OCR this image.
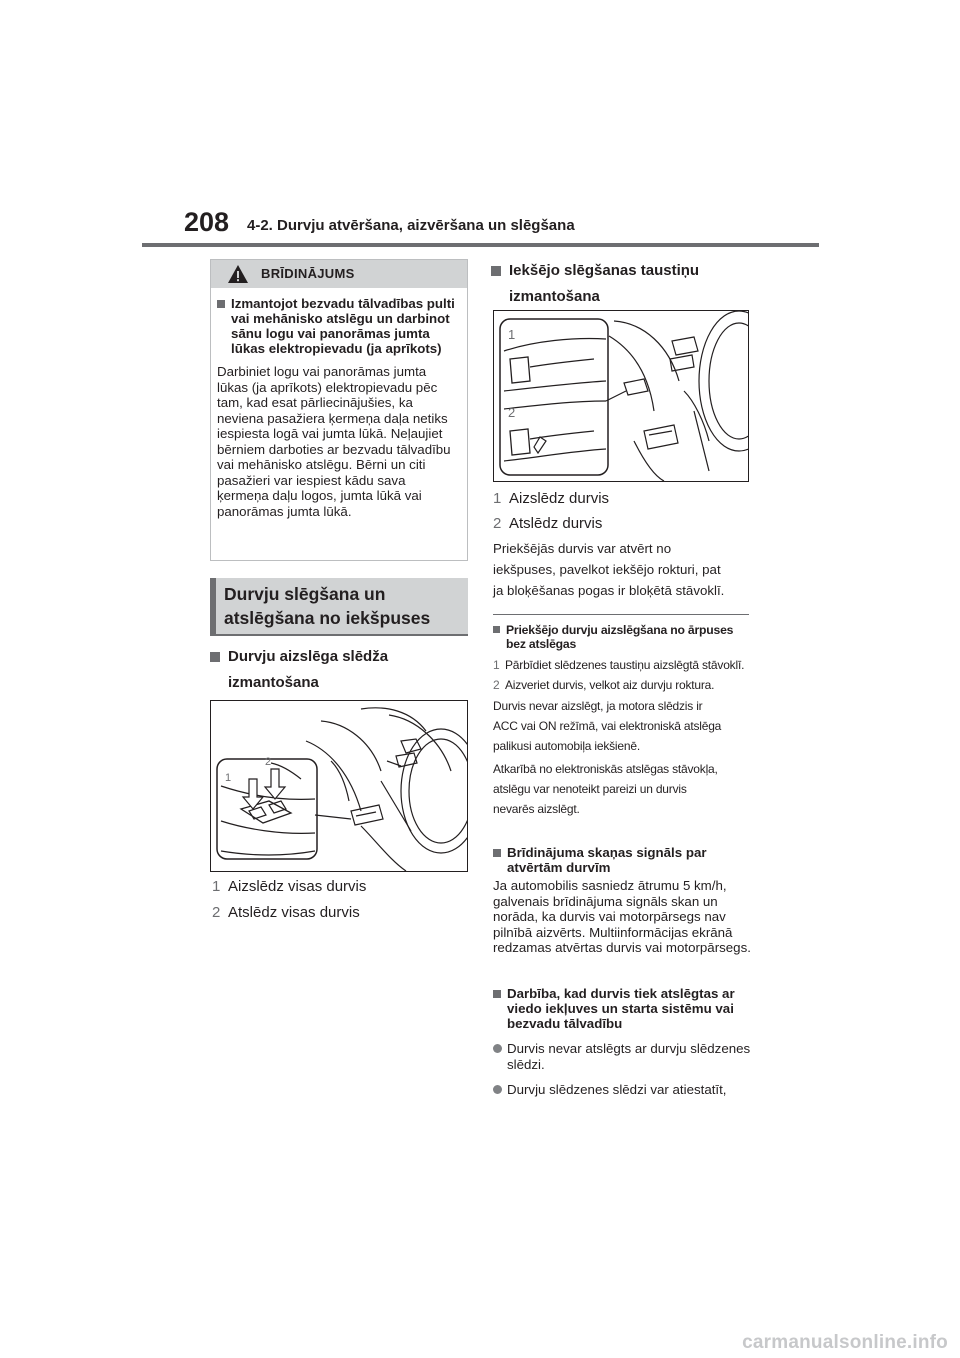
208 4-2. Durvju atvēršana, aizvēršana un slēgšana
BRĪDINĀJUMS
Izmantojot bezvadu tālvadības pulti vai mehānisko atslēgu un darbinot sānu logu vai panorāmas jumta lūkas elektropievadu (ja aprīkots)
Darbiniet logu vai panorāmas jumta lūkas (ja aprīkots) elektropievadu pēc tam, kad esat pārliecinājušies, ka neviena pasažiera ķermeņa daļa netiks iespiesta logā vai jumta lūkā. Neļaujiet bērniem darboties ar bezvadu tālvadību vai mehānisko atslēgu. Bērni un citi pasažieri var iespiest kādu sava ķermeņa daļu logos, jumta lūkā vai panorāmas jumta lūkā.
Durvju slēgšana un
atslēgšana no iekšpuses
Durvju aizslēga slēdža
izmantošana
1
2
1 Aizslēdz visas durvis
2 Atslēdz visas durvis
Iekšējo slēgšanas taustiņu
izmantošana
1
2
1 Aizslēdz durvis
2 Atslēdz durvis
Priekšējās durvis var atvērt no
iekšpuses, pavelkot iekšējo rokturi, pat
ja bloķēšanas pogas ir bloķētā stāvoklī.
Priekšējo durvju aizslēgšana no ārpuses bez atslēgas
1 Pārbīdiet slēdzenes taustiņu aizslēgtā stāvoklī.
2 Aizveriet durvis, velkot aiz durvju roktura.
Durvis nevar aizslēgt, ja motora slēdzis ir
ACC vai ON režīmā, vai elektroniskā atslēga
palikusi automobiļa iekšienē.
Atkarībā no elektroniskās atslēgas stāvokļa,
atslēgu var nenoteikt pareizi un durvis
nevarēs aizslēgt.
Brīdinājuma skaņas signāls par atvērtām durvīm
Ja automobilis sasniedz ātrumu 5 km/h, galvenais brīdinājuma signāls skan un norāda, ka durvis vai motorpārsegs nav pilnībā aizvērts. Multiinformācijas ekrānā redzamas atvērtas durvis vai motorpārsegs.
Darbība, kad durvis tiek atslēgtas ar viedo iekļuves un starta sistēmu vai bezvadu tālvadību
Durvis nevar atslēgts ar durvju slēdzenes slēdzi.
Durvju slēdzenes slēdzi var atiestatīt,
carmanualsonline.info
